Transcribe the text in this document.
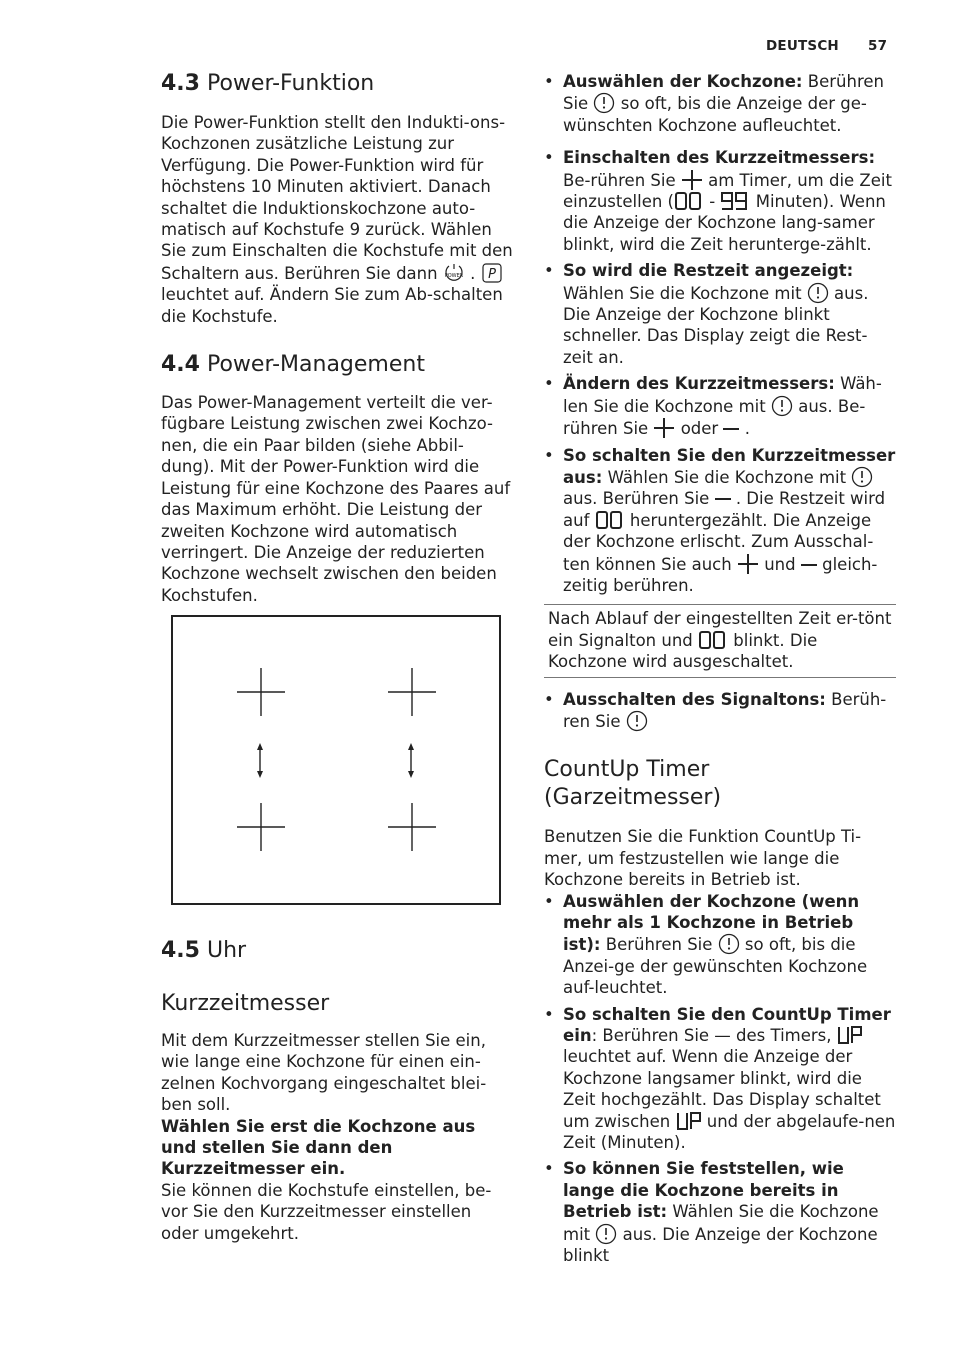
DEUTSCH 57
4.3 Power-Funktion

Die Power-Funktion stellt den Indukti-ons-Kochzonen zusätzliche Leistung zur Verfügung. Die Power-Funktion wird für höchstens 10 Minuten aktiviert. Danach schaltet die Induktionskochzone auto-matisch auf Kochstufe 9 zurück. Wählen Sie zum Einschalten die Kochstufe mit den Schaltern aus. Berühren Sie dann POWER . P
leuchtet auf. Ändern Sie zum Ab-schalten die Kochstufe.

4.4 Power-Management

Das Power-Management verteilt die ver-fügbare Leistung zwischen zwei Kochzo-nen, die ein Paar bilden (siehe Abbil-dung). Mit der Power-Funktion wird die Leistung für eine Kochzone des Paares auf das Maximum erhöht. Die Leistung der zweiten Kochzone wird automatisch verringert. Die Anzeige der reduzierten Kochzone wechselt zwischen den beiden Kochstufen.

4.5 Uhr
Kurzzeitmesser

Mit dem Kurzzeitmesser stellen Sie ein, wie lange eine Kochzone für einen ein-zelnen Kochvorgang eingeschaltet blei-ben soll.

Wählen Sie erst die Kochzone aus und stellen Sie dann den Kurzzeitmesser ein.

Sie können die Kochstufe einstellen, be-vor Sie den Kurzzeitmesser einstellen oder umgekehrt.

• Auswählen der Kochzone: Berühren Sie so oft, bis die Anzeige der ge-wünschten Kochzone aufleuchtet.
• Einschalten des Kurzzeitmessers: Be-rühren Sie am Timer, um die Zeit einzustellen ( - Minuten). Wenn die Anzeige der Kochzone lang-samer blinkt, wird die Zeit herunterge-zählt.
• So wird die Restzeit angezeigt: Wählen Sie die Kochzone mit aus. Die Anzeige der Kochzone blinkt schneller. Das Display zeigt die Rest-zeit an.
• Ändern des Kurzzeitmessers: Wäh-len Sie die Kochzone mit aus. Be-rühren Sie oder .
• So schalten Sie den Kurzzeitmesser aus: Wählen Sie die Kochzone mit  aus. Berühren Sie . Die Restzeit wird auf heruntergezählt. Die Anzeige der Kochzone erlischt. Zum Ausschal-ten können Sie auch und gleich-zeitig berühren.
Nach Ablauf der eingestellten Zeit er-tönt ein Signalton und blinkt. Die Kochzone wird ausgeschaltet.
• Ausschalten des Signaltons: Berüh-ren Sie
CountUp Timer
(Garzeitmesser)

Benutzen Sie die Funktion CountUp Ti-mer, um festzustellen wie lange die Kochzone bereits in Betrieb ist.

• Auswählen der Kochzone (wenn mehr als 1 Kochzone in Betrieb ist): Berühren Sie so oft, bis die Anzei-ge der gewünschten Kochzone auf-leuchtet.
• So schalten Sie den CountUp Timer ein: Berühren Sie — des Timers,  leuchtet auf. Wenn die Anzeige der Kochzone langsamer blinkt, wird die Zeit hochgezählt. Das Display schaltet um zwischen und der abgelaufe-nen Zeit (Minuten).
• So können Sie feststellen, wie lange die Kochzone bereits in Betrieb ist: Wählen Sie die Kochzone mit aus. Die Anzeige der Kochzone blinkt
